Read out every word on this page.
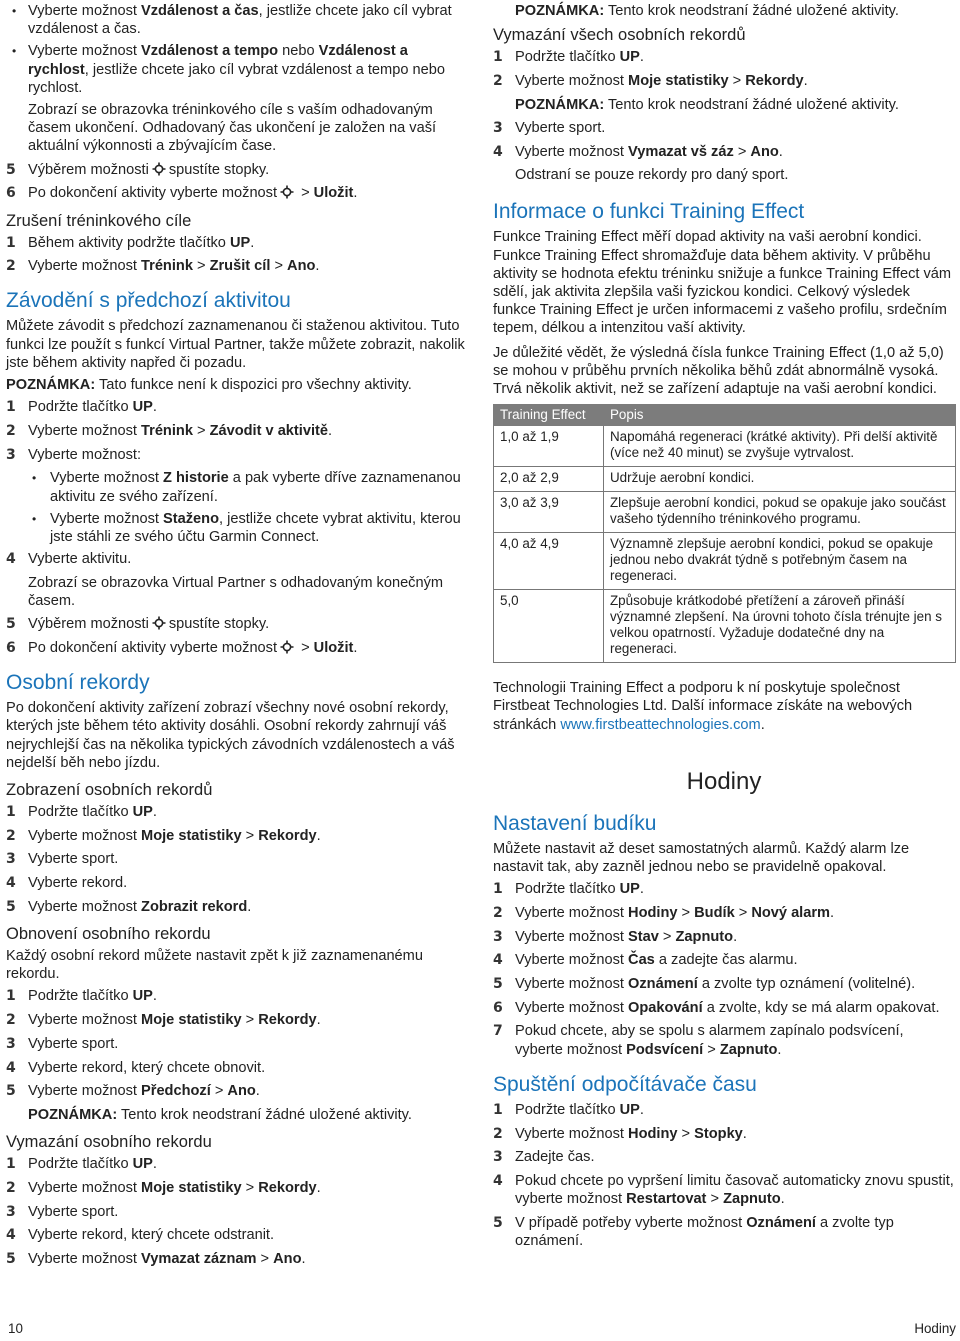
• Vyberte možnost Vzdálenost a čas, jestliže chcete jako cíl vybrat vzdálenost a čas.
• Vyberte možnost Vzdálenost a tempo nebo Vzdálenost a rychlost, jestliže chcete jako cíl vybrat vzdálenost a tempo nebo rychlost.
Zobrazí se obrazovka tréninkového cíle s vaším odhadovaným časem ukončení. Odhadovaný čas ukončení je založen na vaší aktuální výkonnosti a zbývajícím čase.
5 Výběrem možnosti spustíte stopky.
6 Po dokončení aktivity vyberte možnost > Uložit.
Zrušení tréninkového cíle
1 Během aktivity podržte tlačítko UP.
2 Vyberte možnost Trénink > Zrušit cíl > Ano.
Závodění s předchozí aktivitou
Můžete závodit s předchozí zaznamenanou či staženou aktivitou. Tuto funkci lze použít s funkcí Virtual Partner, takže můžete zobrazit, nakolik jste během aktivity napřed či pozadu.
POZNÁMKA: Tato funkce není k dispozici pro všechny aktivity.
1 Podržte tlačítko UP.
2 Vyberte možnost Trénink > Závodit v aktivitě.
3 Vyberte možnost:
• Vyberte možnost Z historie a pak vyberte dříve zaznamenanou aktivitu ze svého zařízení.
• Vyberte možnost Staženo, jestliže chcete vybrat aktivitu, kterou jste stáhli ze svého účtu Garmin Connect.
4 Vyberte aktivitu.
Zobrazí se obrazovka Virtual Partner s odhadovaným konečným časem.
5 Výběrem možnosti spustíte stopky.
6 Po dokončení aktivity vyberte možnost > Uložit.
Osobní rekordy
Po dokončení aktivity zařízení zobrazí všechny nové osobní rekordy, kterých jste během této aktivity dosáhli. Osobní rekordy zahrnují váš nejrychlejší čas na několika typických závodních vzdálenostech a váš nejdelší běh nebo jízdu.
Zobrazení osobních rekordů
1 Podržte tlačítko UP.
2 Vyberte možnost Moje statistiky > Rekordy.
3 Vyberte sport.
4 Vyberte rekord.
5 Vyberte možnost Zobrazit rekord.
Obnovení osobního rekordu
Každý osobní rekord můžete nastavit zpět k již zaznamenanému rekordu.
1 Podržte tlačítko UP.
2 Vyberte možnost Moje statistiky > Rekordy.
3 Vyberte sport.
4 Vyberte rekord, který chcete obnovit.
5 Vyberte možnost Předchozí > Ano.
POZNÁMKA: Tento krok neodstraní žádné uložené aktivity.
Vymazání osobního rekordu
1 Podržte tlačítko UP.
2 Vyberte možnost Moje statistiky > Rekordy.
3 Vyberte sport.
4 Vyberte rekord, který chcete odstranit.
5 Vyberte možnost Vymazat záznam > Ano.
POZNÁMKA: Tento krok neodstraní žádné uložené aktivity.
Vymazání všech osobních rekordů
1 Podržte tlačítko UP.
2 Vyberte možnost Moje statistiky > Rekordy.
POZNÁMKA: Tento krok neodstraní žádné uložené aktivity.
3 Vyberte sport.
4 Vyberte možnost Vymazat vš záz > Ano.
Odstraní se pouze rekordy pro daný sport.
Informace o funkci Training Effect
Funkce Training Effect měří dopad aktivity na vaši aerobní kondici. Funkce Training Effect shromažďuje data během aktivity. V průběhu aktivity se hodnota efektu tréninku snižuje a funkce Training Effect vám sdělí, jak aktivita zlepšila vaši fyzickou kondici. Celkový výsledek funkce Training Effect je určen informacemi z vašeho profilu, srdečním tepem, délkou a intenzitou vaší aktivity.
Je důležité vědět, že výsledná čísla funkce Training Effect (1,0 až 5,0) se mohou v průběhu prvních několika běhů zdát abnormálně vysoká. Trvá několik aktivit, než se zařízení adaptuje na vaši aerobní kondici.
Training Effect	Popis
1,0 až 1,9	Napomáhá regeneraci (krátké aktivity). Při delší aktivitě (více než 40 minut) se zvyšuje vytrvalost.
2,0 až 2,9	Udržuje aerobní kondici.
3,0 až 3,9	Zlepšuje aerobní kondici, pokud se opakuje jako součást vašeho týdenního tréninkového programu.
4,0 až 4,9	Významně zlepšuje aerobní kondici, pokud se opakuje jednou nebo dvakrát týdně s potřebným časem na regeneraci.
5,0	Způsobuje krátkodobé přetížení a zároveň přináší významné zlepšení. Na úrovni tohoto čísla trénujte jen s velkou opatrností. Vyžaduje dodatečné dny na regeneraci.
Technologii Training Effect a podporu k ní poskytuje společnost Firstbeat Technologies Ltd. Další informace získáte na webových stránkách www.firstbeattechnologies.com.
Hodiny
Nastavení budíku
Můžete nastavit až deset samostatných alarmů. Každý alarm lze nastavit tak, aby zazněl jednou nebo se pravidelně opakoval.
1 Podržte tlačítko UP.
2 Vyberte možnost Hodiny > Budík > Nový alarm.
3 Vyberte možnost Stav > Zapnuto.
4 Vyberte možnost Čas a zadejte čas alarmu.
5 Vyberte možnost Oznámení a zvolte typ oznámení (volitelné).
6 Vyberte možnost Opakování a zvolte, kdy se má alarm opakovat.
7 Pokud chcete, aby se spolu s alarmem zapínalo podsvícení, vyberte možnost Podsvícení > Zapnuto.
Spuštění odpočítávače času
1 Podržte tlačítko UP.
2 Vyberte možnost Hodiny > Stopky.
3 Zadejte čas.
4 Pokud chcete po vypršení limitu časovač automaticky znovu spustit, vyberte možnost Restartovat > Zapnuto.
5 V případě potřeby vyberte možnost Oznámení a zvolte typ oznámení.
10	Hodiny
